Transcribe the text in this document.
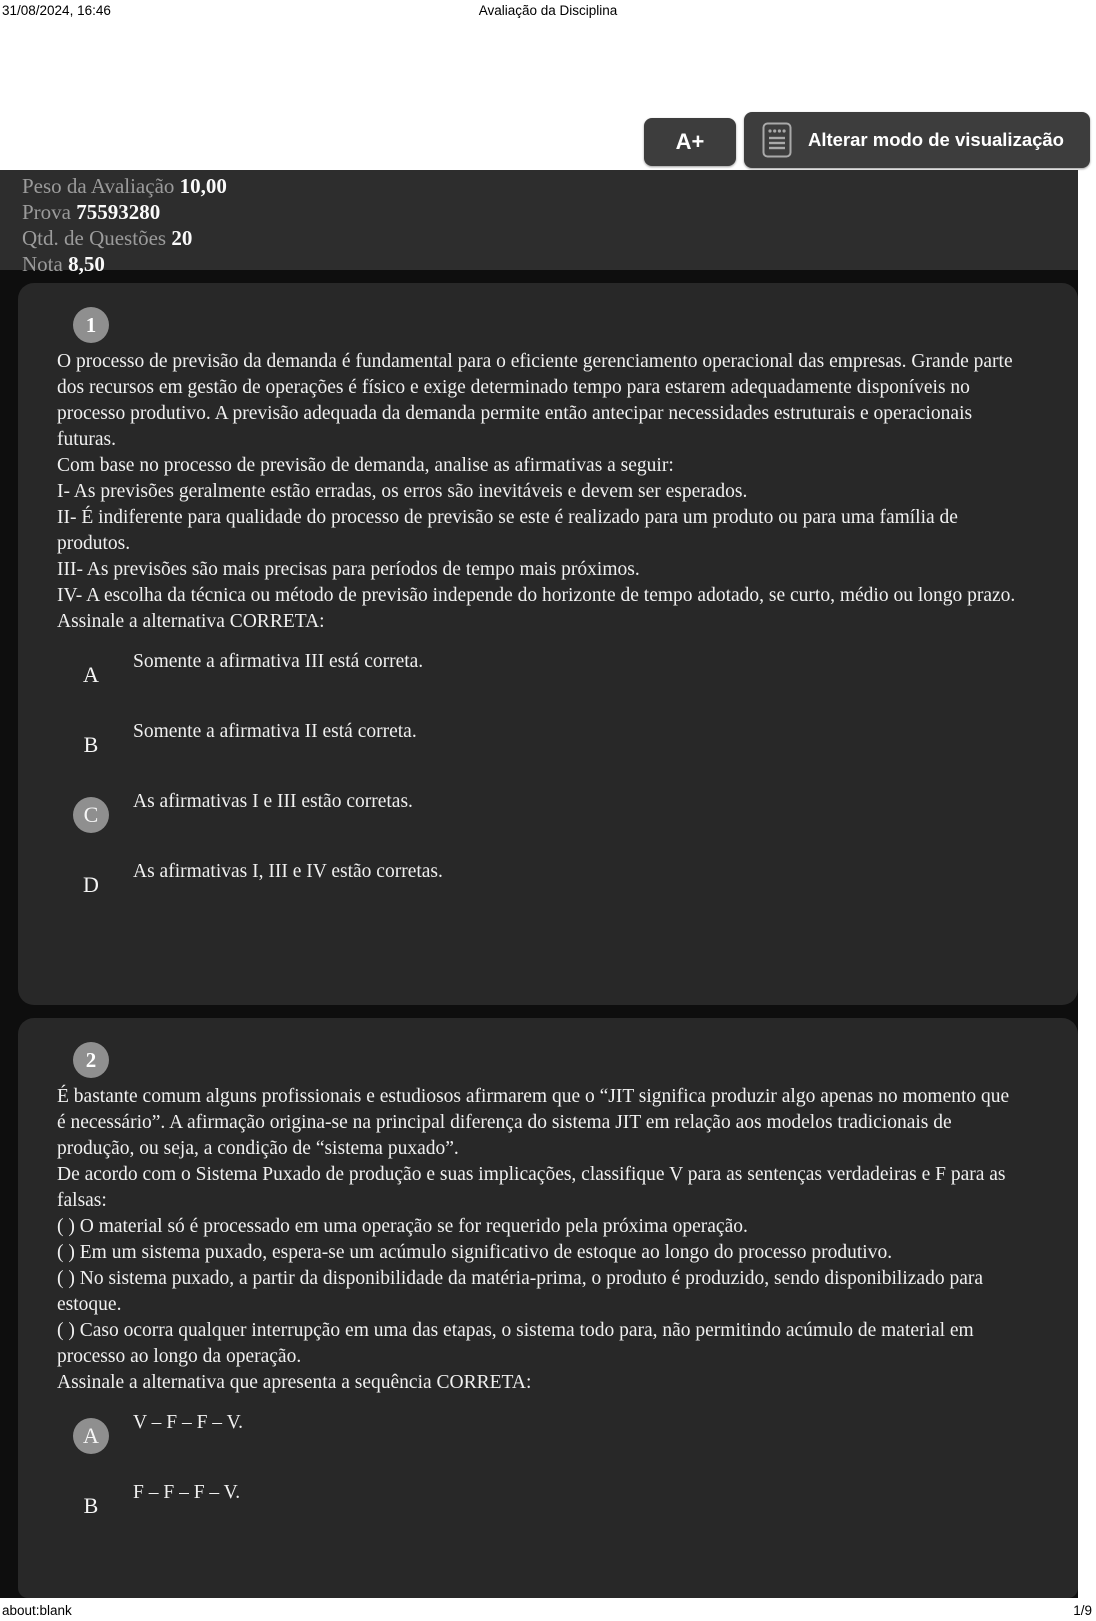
31/08/2024, 16:46	Avaliação da Disciplina
A+	Alterar modo de visualização
Peso da Avaliação 10,00
Prova 75593280
Qtd. de Questões 20
Nota 8,50
1

O processo de previsão da demanda é fundamental para o eficiente gerenciamento operacional das empresas. Grande parte dos recursos em gestão de operações é físico e exige determinado tempo para estarem adequadamente disponíveis no processo produtivo. A previsão adequada da demanda permite então antecipar necessidades estruturais e operacionais futuras.

Com base no processo de previsão de demanda, analise as afirmativas a seguir:

I- As previsões geralmente estão erradas, os erros são inevitáveis e devem ser esperados.

II- É indiferente para qualidade do processo de previsão se este é realizado para um produto ou para uma família de produtos.

III- As previsões são mais precisas para períodos de tempo mais próximos.

IV- A escolha da técnica ou método de previsão independe do horizonte de tempo adotado, se curto, médio ou longo prazo.

Assinale a alternativa CORRETA:

A
Somente a afirmativa III está correta.
B
Somente a afirmativa II está correta.
C
As afirmativas I e III estão corretas.
D
As afirmativas I, III e IV estão corretas.
2

É bastante comum alguns profissionais e estudiosos afirmarem que o “JIT significa produzir algo apenas no momento que é necessário”. A afirmação origina-se na principal diferença do sistema JIT em relação aos modelos tradicionais de produção, ou seja, a condição de “sistema puxado”.

De acordo com o Sistema Puxado de produção e suas implicações, classifique V para as sentenças verdadeiras e F para as falsas:

( ) O material só é processado em uma operação se for requerido pela próxima operação.

( ) Em um sistema puxado, espera-se um acúmulo significativo de estoque ao longo do processo produtivo.

( ) No sistema puxado, a partir da disponibilidade da matéria-prima, o produto é produzido, sendo disponibilizado para estoque.

( ) Caso ocorra qualquer interrupção em uma das etapas, o sistema todo para, não permitindo acúmulo de material em processo ao longo da operação.

Assinale a alternativa que apresenta a sequência CORRETA:

A
V – F – F – V.
B
F – F – F – V.
about:blank	1/9
